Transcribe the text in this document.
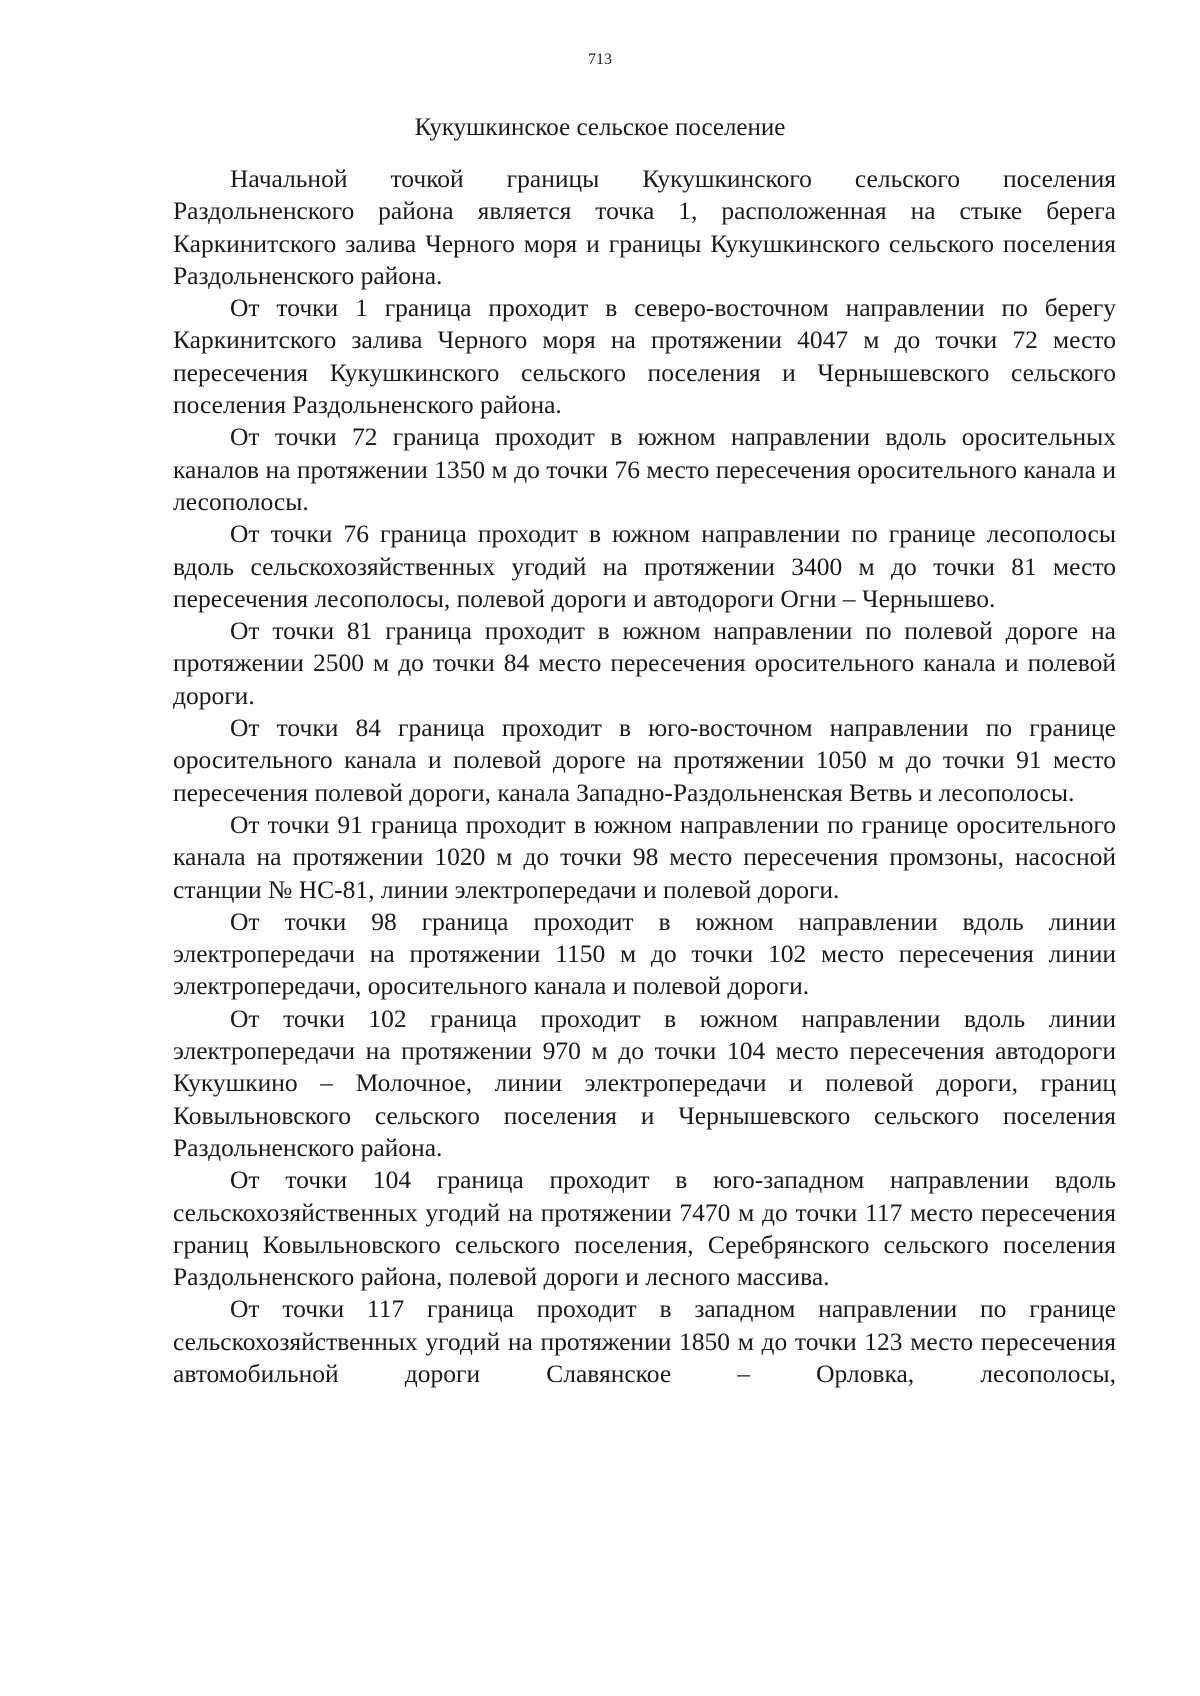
713
Кукушкинское сельское поселение

Начальной точкой границы Кукушкинского сельского поселения Раздольненского района является точка 1, расположенная на стыке берега Каркинитского залива Черного моря и границы Кукушкинского сельского поселения Раздольненского района.

От точки 1 граница проходит в северо-восточном направлении по берегу Каркинитского залива Черного моря на протяжении 4047 м до точки 72 место пересечения Кукушкинского сельского поселения и Чернышевского сельского поселения Раздольненского района.

От точки 72 граница проходит в южном направлении вдоль оросительных каналов на протяжении 1350 м до точки 76 место пересечения оросительного канала и лесополосы.

От точки 76 граница проходит в южном направлении по границе лесополосы вдоль сельскохозяйственных угодий на протяжении 3400 м до точки 81 место пересечения лесополосы, полевой дороги и автодороги Огни – Чернышево.

От точки 81 граница проходит в южном направлении по полевой дороге на протяжении 2500 м до точки 84 место пересечения оросительного канала и полевой дороги.

От точки 84 граница проходит в юго-восточном направлении по границе оросительного канала и полевой дороге на протяжении 1050 м до точки 91 место пересечения полевой дороги, канала Западно-Раздольненская Ветвь и лесополосы.

От точки 91 граница проходит в южном направлении по границе оросительного канала на протяжении 1020 м до точки 98 место пересечения промзоны, насосной станции № НС-81, линии электропередачи и полевой дороги.

От точки 98 граница проходит в южном направлении вдоль линии электропередачи на протяжении 1150 м до точки 102 место пересечения линии электропередачи, оросительного канала и полевой дороги.

От точки 102 граница проходит в южном направлении вдоль линии электропередачи на протяжении 970 м до точки 104 место пересечения автодороги Кукушкино – Молочное, линии электропередачи и полевой дороги, границ Ковыльновского сельского поселения и Чернышевского сельского поселения Раздольненского района.

От точки 104 граница проходит в юго-западном направлении вдоль сельскохозяйственных угодий на протяжении 7470 м до точки 117 место пересечения границ Ковыльновского сельского поселения, Серебрянского сельского поселения Раздольненского района, полевой дороги и лесного массива.

От точки 117 граница проходит в западном направлении по границе сельскохозяйственных угодий на протяжении 1850 м до точки 123 место пересечения автомобильной дороги Славянское – Орловка, лесополосы,
